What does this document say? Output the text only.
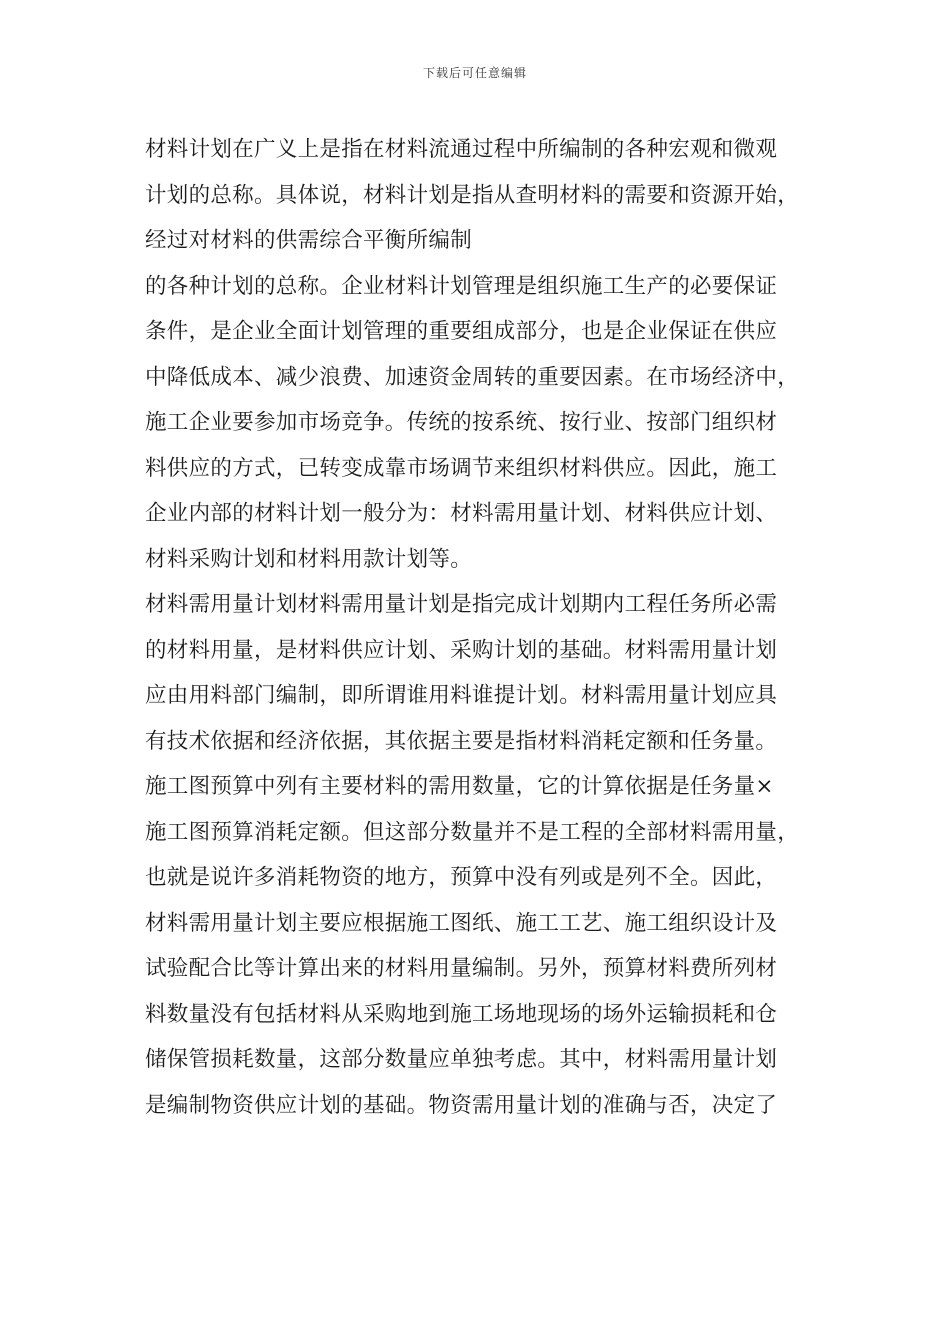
下载后可任意编辑
材料计划在广义上是指在材料流通过程中所编制的各种宏观和微观
计划的总称。具体说，材料计划是指从查明材料的需要和资源开始，
经过对材料的供需综合平衡所编制
的各种计划的总称。企业材料计划管理是组织施工生产的必要保证
条件，是企业全面计划管理的重要组成部分，也是企业保证在供应
中降低成本、减少浪费、加速资金周转的重要因素。在市场经济中，
施工企业要参加市场竞争。传统的按系统、按行业、按部门组织材
料供应的方式，已转变成靠市场调节来组织材料供应。因此，施工
企业内部的材料计划一般分为：材料需用量计划、材料供应计划、
材料采购计划和材料用款计划等。
材料需用量计划材料需用量计划是指完成计划期内工程任务所必需
的材料用量，是材料供应计划、采购计划的基础。材料需用量计划
应由用料部门编制，即所谓谁用料谁提计划。材料需用量计划应具
有技术依据和经济依据，其依据主要是指材料消耗定额和任务量。
施工图预算中列有主要材料的需用数量，它的计算依据是任务量×
施工图预算消耗定额。但这部分数量并不是工程的全部材料需用量，
也就是说许多消耗物资的地方，预算中没有列或是列不全。因此，
材料需用量计划主要应根据施工图纸、施工工艺、施工组织设计及
试验配合比等计算出来的材料用量编制。另外，预算材料费所列材
料数量没有包括材料从采购地到施工场地现场的场外运输损耗和仓
储保管损耗数量，这部分数量应单独考虑。其中，材料需用量计划
是编制物资供应计划的基础。物资需用量计划的准确与否，决定了
